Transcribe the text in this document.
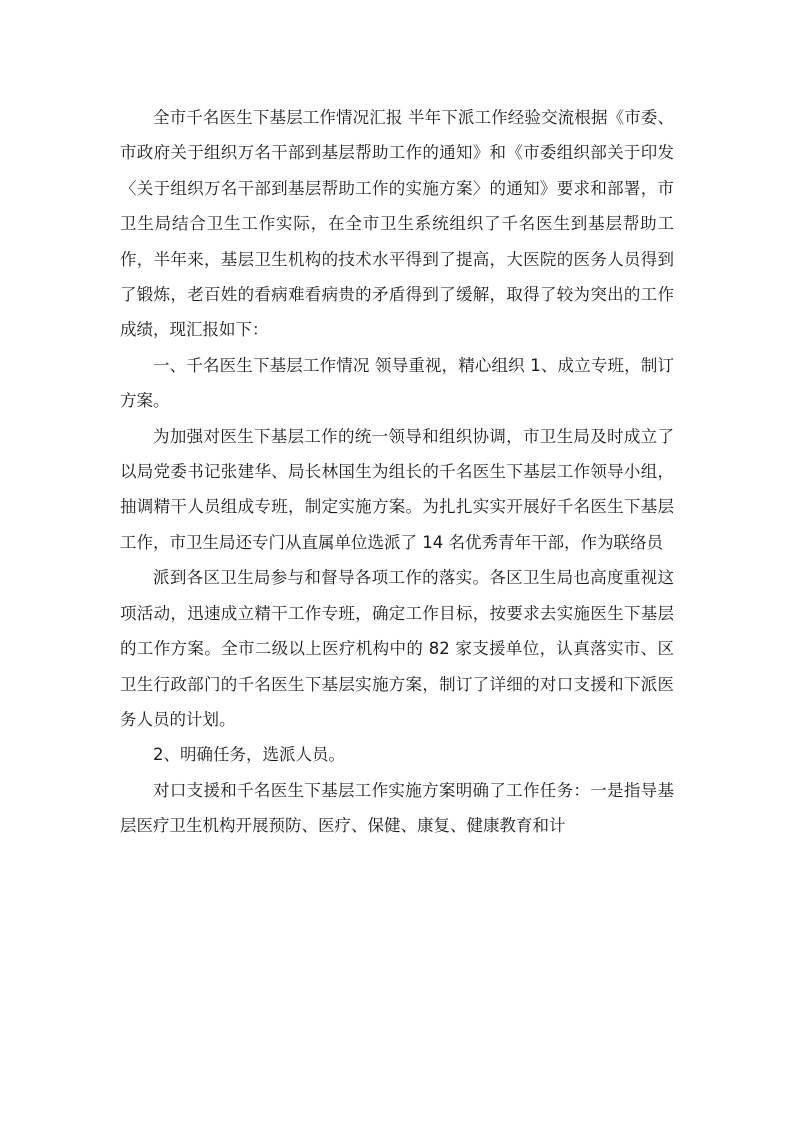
全市千名医生下基层工作情况汇报 半年下派工作经验交流根据《市委、市政府关于组织万名干部到基层帮助工作的通知》和《市委组织部关于印发〈关于组织万名干部到基层帮助工作的实施方案〉的通知》要求和部署，市卫生局结合卫生工作实际，在全市卫生系统组织了千名医生到基层帮助工作，半年来，基层卫生机构的技术水平得到了提高，大医院的医务人员得到了锻炼，老百姓的看病难看病贵的矛盾得到了缓解，取得了较为突出的工作成绩，现汇报如下：

一、千名医生下基层工作情况 领导重视，精心组织 1、成立专班，制订方案。

为加强对医生下基层工作的统一领导和组织协调，市卫生局及时成立了以局党委书记张建华、局长林国生为组长的千名医生下基层工作领导小组，抽调精干人员组成专班，制定实施方案。为扎扎实实开展好千名医生下基层工作，市卫生局还专门从直属单位选派了 14 名优秀青年干部，作为联络员

派到各区卫生局参与和督导各项工作的落实。各区卫生局也高度重视这项活动，迅速成立精干工作专班，确定工作目标，按要求去实施医生下基层的工作方案。全市二级以上医疗机构中的 82 家支援单位，认真落实市、区卫生行政部门的千名医生下基层实施方案，制订了详细的对口支援和下派医务人员的计划。

2、明确任务，选派人员。

对口支援和千名医生下基层工作实施方案明确了工作任务：一是指导基层医疗卫生机构开展预防、医疗、保健、康复、健康教育和计
